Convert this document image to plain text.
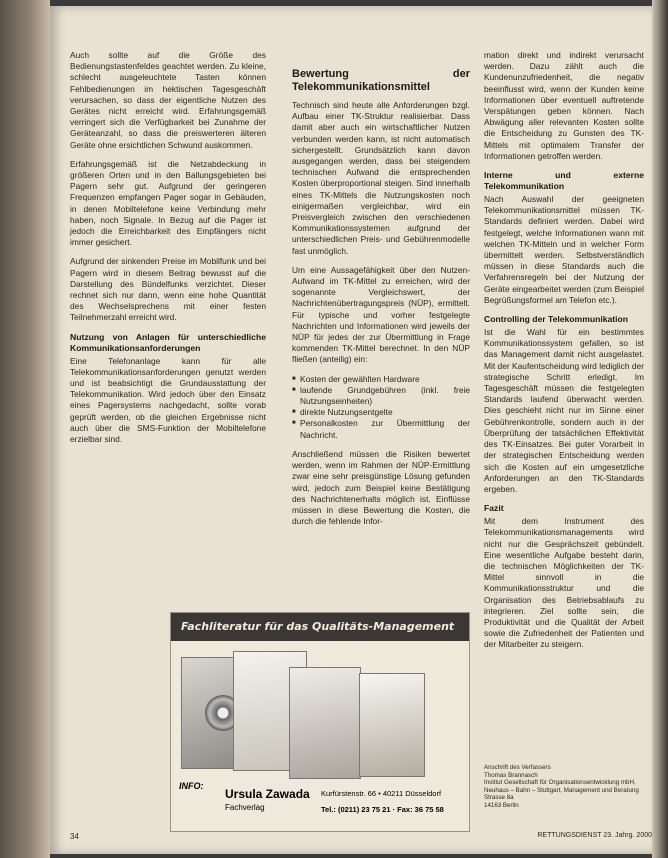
Auch sollte auf die Größe des Bedienungstastenfeldes geachtet werden. Zu kleine, schlecht ausgeleuchtete Tasten können Fehlbedienungen im hektischen Tagesgeschäft verursachen, so dass der eigentliche Nutzen des Gerätes nicht erreicht wird. Erfahrungsgemäß verringert sich die Verfügbarkeit bei Zunahme der Geräteanzahl, so dass die preiswerteren älteren Geräte ohne ersichtlichen Schwund auskommen.

Erfahrungsgemäß ist die Netzabdeckung in größeren Orten und in den Ballungsgebieten bei Pagern sehr gut. Aufgrund der geringeren Frequenzen empfangen Pager sogar in Gebäuden, in denen Mobiltelefone keine Verbindung mehr haben, noch Signale. In Bezug auf die Pager ist jedoch die Erreichbarkeit des Empfängers nicht immer gesichert.

Aufgrund der sinkenden Preise im Mobilfunk und bei Pagern wird in diesem Beitrag bewusst auf die Darstellung des Bündelfunks verzichtet. Dieser rechnet sich nur dann, wenn eine hohe Quantität des Wechselsprechens mit einer festen Teilnehmerzahl erreicht wird.

Nutzung von Anlagen für unterschiedliche Kommunikationsanforderungen

Eine Telefonanlage kann für alle Telekommunikationsanforderungen genutzt werden und ist beabsichtigt die Grundausstattung der Telekommunikation. Wird jedoch über den Einsatz eines Pagersystems nachgedacht, sollte vorab geprüft werden, ob die gleichen Ergebnisse nicht auch über die SMS-Funktion der Mobiltelefone erzielbar sind.

Bewertung der Telekommunikationsmittel

Technisch sind heute alle Anforderungen bzgl. Aufbau einer TK-Struktur realisierbar. Dass damit aber auch ein wirtschaftlicher Nutzen verbunden werden kann, ist nicht automatisch sichergestellt. Grundsätzlich kann davon ausgegangen werden, dass bei steigendem technischen Aufwand die entsprechenden Kosten überproportional steigen. Sind innerhalb eines TK-Mittels die Nutzungskosten noch einigermaßen vergleichbar, wird ein Preisvergleich zwischen den verschiedenen Kommunikationssystemen aufgrund der unterschiedlichen Preis- und Gebührenmodelle fast unmöglich.

Um eine Aussagefähigkeit über den Nutzen-Aufwand im TK-Mittel zu erreichen, wird der sogenannte Vergleichswert, der Nachrichtenübertragungspreis (NÜP), ermittelt. Für typische und vorher festgelegte Nachrichten und Informationen wird jeweils der NÜP für jedes der zur Übermittlung in Frage kommenden TK-Mittel berechnet. In den NÜP fließen (anteilig) ein:

■ Kosten der gewählten Hardware
■ laufende Grundgebühren (inkl. freie Nutzungseinheiten)
■ direkte Nutzungsentgelte
■ Personalkosten zur Übermittlung der Nachricht.

Anschließend müssen die Risiken bewertet werden, wenn im Rahmen der NÜP-Ermittlung zwar eine sehr preisgünstige Lösung gefunden wird, jedoch zum Beispiel keine Bestätigung des Nachrichtenerhalts möglich ist. Einflüsse müssen in diese Bewertung die Kosten, die durch die fehlende Infor-

mation direkt und indirekt verursacht werden. Dazu zählt auch die Kundenunzufriedenheit, die negativ beeinflusst wird, wenn der Kunden keine Informationen über eventuell auftretende Verspätungen geben können. Nach Abwägung aller relevanten Kosten sollte die Entscheidung zu Gunsten des TK-Mittels mit optimalem Transfer der Informationen getroffen werden.

Interne und externe Telekommunikation

Nach Auswahl der geeigneten Telekommunikationsmittel müssen TK-Standards definiert werden. Dabei wird festgelegt, welche Informationen wann mit welchen TK-Mitteln und in welcher Form übermittelt werden. Selbstverständlich müssen in diese Standards auch die Verfahrensregeln bei der Nutzung der Geräte eingearbeitet werden (zum Beispiel Begrüßungsformel am Telefon etc.).

Controlling der Telekommunikation

Ist die Wahl für ein bestimmtes Kommunikationssystem gefallen, so ist das Management damit nicht ausgelastet. Mit der Kaufentscheidung wird lediglich der strategische Schritt erledigt. Im Tagesgeschäft müssen die festgelegten Standards laufend überwacht werden. Dies geschieht nicht nur im Sinne einer Gebührenkontrolle, sondern auch in der Überprüfung der tatsächlichen Effektivität des TK-Einsatzes. Bei guter Vorarbeit in der strategischen Entscheidung werden sich die Kosten auf ein umgesetzliche Anforderungen an den TK-Standards ergeben.

Fazit

Mit dem Instrument des Telekommunikationsmanagements wird nicht nur die Gesprächszeit gebündelt. Eine wesentliche Aufgabe besteht darin, die technischen Möglichkeiten der TK-Mittel sinnvoll in die Kommunikationsstruktur und die Organisation des Betriebsablaufs zu integrieren. Ziel sollte sein, die Produktivität und die Qualität der Arbeit sowie die Zufriedenheit der Patienten und der Mitarbeiter zu steigern.

Fachliteratur für das Qualitäts-Management
INFO:
Ursula Zawada
Fachverlag
Kurfürstenstr. 66 • 40211 Düsseldorf
Tel.: (0211) 23 75 21 · Fax: 36 75 58
Anschrift des Verfassers
Thomas Brannasch
Institut Gesellschaft für Organisationsentwicklung mbH, Neuhaus – Bahn – Stuttgart, Management und Beratung
Strasse 8a
14163 Berlin
34	RETTUNGSDIENST 23. Jahrg. 2000
